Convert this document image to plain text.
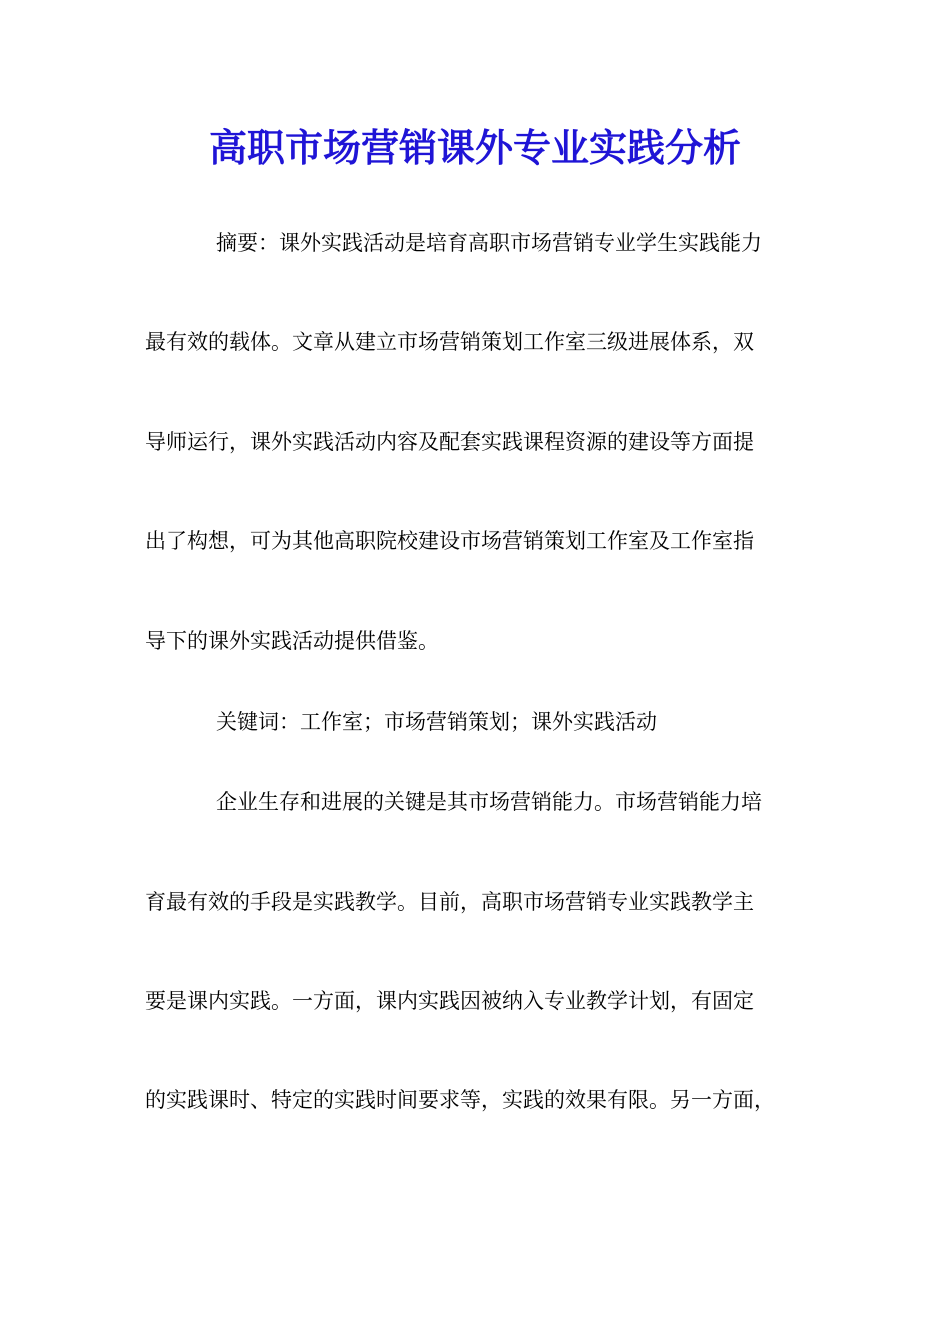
高职市场营销课外专业实践分析
摘要：课外实践活动是培育高职市场营销专业学生实践能力
最有效的载体。文章从建立市场营销策划工作室三级进展体系，双
导师运行，课外实践活动内容及配套实践课程资源的建设等方面提
出了构想，可为其他高职院校建设市场营销策划工作室及工作室指
导下的课外实践活动提供借鉴。
关键词：工作室；市场营销策划；课外实践活动
企业生存和进展的关键是其市场营销能力。市场营销能力培
育最有效的手段是实践教学。目前，高职市场营销专业实践教学主
要是课内实践。一方面，课内实践因被纳入专业教学计划，有固定
的实践课时、特定的实践时间要求等，实践的效果有限。另一方面，
